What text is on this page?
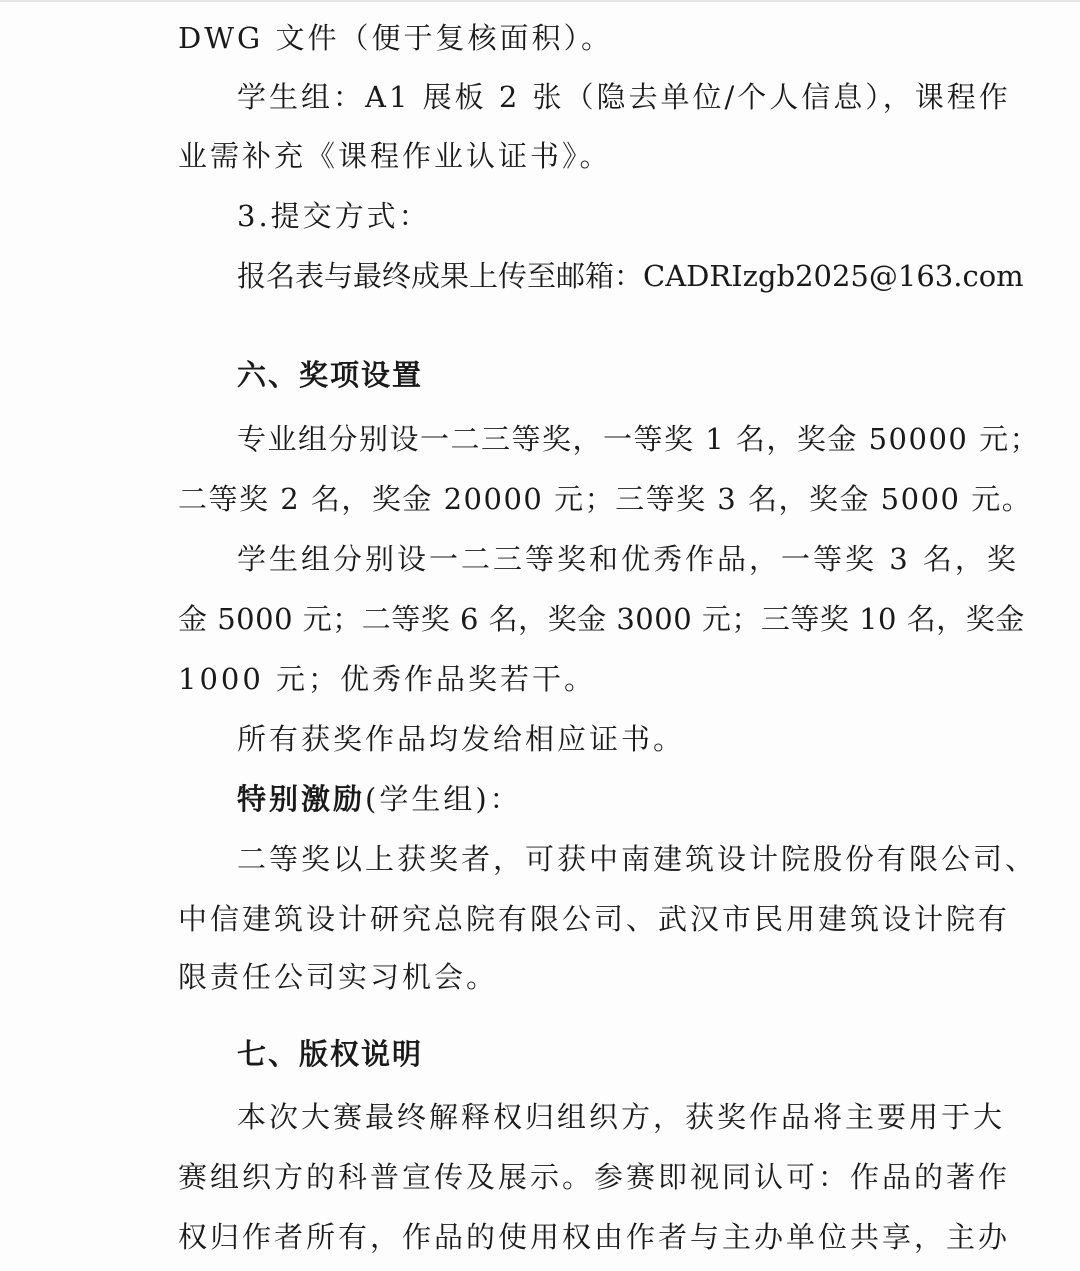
DWG 文件（便于复核面积）。

学生组：A1 展板 2 张（隐去单位/个人信息），课程作

业需补充《课程作业认证书》。

3.提交方式：

报名表与最终成果上传至邮箱：CADRIzgb2025@163.com

六、奖项设置

专业组分别设一二三等奖，一等奖 1 名，奖金 50000 元；

二等奖 2 名，奖金 20000 元；三等奖 3 名，奖金 5000 元。

学生组分别设一二三等奖和优秀作品，一等奖 3 名，奖

金 5000 元；二等奖 6 名，奖金 3000 元；三等奖 10 名，奖金

1000 元；优秀作品奖若干。

所有获奖作品均发给相应证书。

特别激励(学生组)：

二等奖以上获奖者，可获中南建筑设计院股份有限公司、

中信建筑设计研究总院有限公司、武汉市民用建筑设计院有

限责任公司实习机会。

七、版权说明

本次大赛最终解释权归组织方，获奖作品将主要用于大

赛组织方的科普宣传及展示。参赛即视同认可：作品的著作

权归作者所有，作品的使用权由作者与主办单位共享，主办
